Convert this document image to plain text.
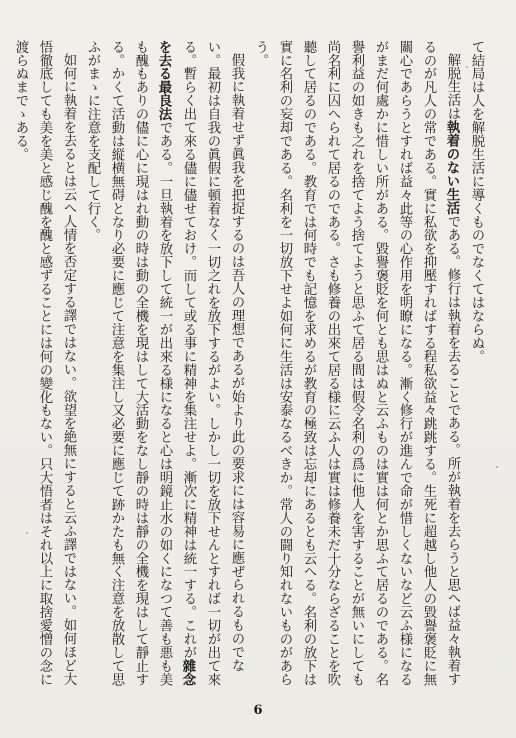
て結局は人を解脱生活に導くものでなくてはならぬ。

解脱生活は執着のない生活である。修行は執着を去ることである。所が執着を去らうと思へば益々執着するのが凡人の常である。實に私欲を抑壓すればする程私欲益々跳跳する。生死に超越し他人の毀譽褒貶に無關心であらうとすれば益々此等の心作用を明瞭になる。漸く修行が進んで命が惜しくないなど云ふ様になるがまだ何處かに惜しい所がある。毀譽褒貶を何とも思はぬと云ふものは實は何とか思ふて居るのである。名譽利益の如きも之れを捨てよう捨てようと思ふて居る間は假令名利の爲に他人を害することが無いにしても尚名利に囚へられて居るのである。さも修養の出來て居る様に云ふ人は實は修養未だ十分ならざることを吹聽して居るのである。教育では何時でも記憶を求めるが教育の極致は忘却にあるとも云へる。名利の放下は實に名利の妄却である。名利を一切放下せよ如何に生活は安泰なるべきか。常人の闘り知れないものがあらう。

假我に執着せず眞我を把捉するのは吾人の理想であるが始より此の要求には容易に應ぜられるものでない。最初は自我の眞假に頓着なく一切之れを放下するがよい。しかし一切を放下せんとすれば一切が出て來る。暫らく出て來る儘に儘せておけ。而して或る事に精神を集注せよ。漸次に精神は統一する。これが雜念を去る最良法である。一旦執着を放下して統一が出來る様になると心は明鏡止水の如くになつて善も悪も美も醜もありの儘に心に現はれ動の時は動の全機を現はして大活動をなし靜の時は靜の全機を現はして靜止する。かくて活動は縦横無碍となり必要に應じて注意を集注し又必要に應じて跡かたも無く注意を放散して思ふがまゝに注意を支配して行く。

如何に執着を去るとは云へ人情を否定する譯ではない。欲望を絶無にすると云ふ譯ではない。如何ほど大悟徹底しても美を美と感じ醜を醜と感ずることには何の變化もない。只大悟者はそれ以上に取捨愛憎の念に渡らぬまでゝある。

6
